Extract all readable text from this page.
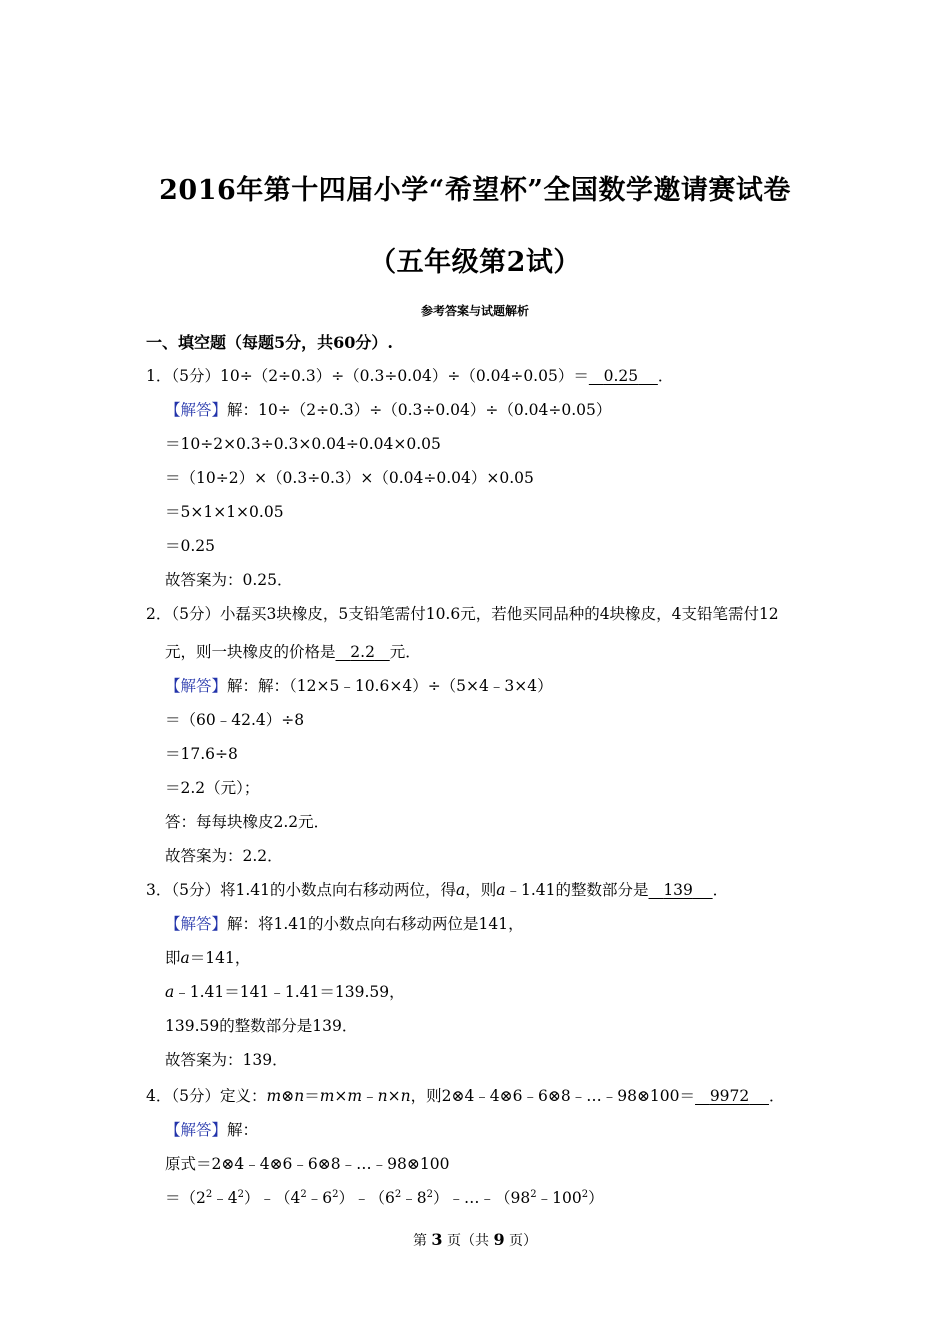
2016年第十四届小学“希望杯”全国数学邀请赛试卷
（五年级第2试）
参考答案与试题解析
一、填空题（每题5分，共60分）.
1．（5分）10÷（2÷0.3）÷（0.3÷0.04）÷（0.04÷0.05）＝ 0.25 ．
【解答】解：10÷（2÷0.3）÷（0.3÷0.04）÷（0.04÷0.05）
＝10÷2×0.3÷0.3×0.04÷0.04×0.05
＝（10÷2）×（0.3÷0.3）×（0.04÷0.04）×0.05
＝5×1×1×0.05
＝0.25
故答案为：0.25．
2．（5分）小磊买3块橡皮，5支铅笔需付10.6元，若他买同品种的4块橡皮，4支铅笔需付12
元，则一块橡皮的价格是 2.2 元．
【解答】解：解：（12×5﹣10.6×4）÷（5×4﹣3×4）
＝（60﹣42.4）÷8
＝17.6÷8
＝2.2（元）；
答：每每块橡皮2.2元．
故答案为：2.2．
3．（5分）将1.41的小数点向右移动两位，得a，则a﹣1.41的整数部分是 139 ．
【解答】解：将1.41的小数点向右移动两位是141，
即a＝141，
a﹣1.41＝141﹣1.41＝139.59，
139.59的整数部分是139．
故答案为：139．
4．（5分）定义：m⊗n＝m×m﹣n×n，则2⊗4﹣4⊗6﹣6⊗8﹣…﹣98⊗100＝ 9972 ．
【解答】解：
原式＝2⊗4﹣4⊗6﹣6⊗8﹣…﹣98⊗100
$=(2^2﹣4^2)﹣(4^2﹣6^2)﹣(6^2﹣8^2)﹣\dots﹣(98^2﹣100^2)$
第 3 页（共 9 页）
